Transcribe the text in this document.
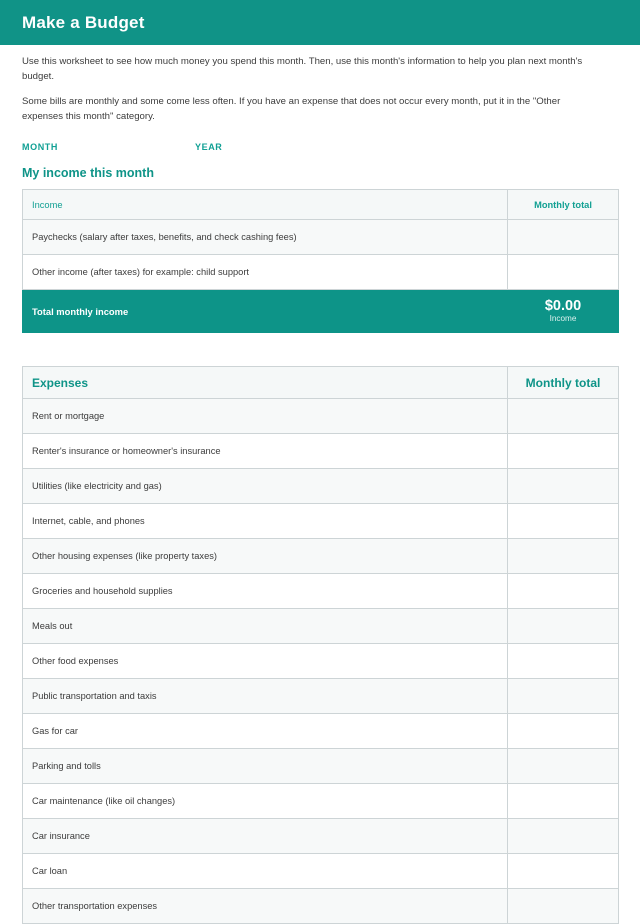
Make a Budget

Use this worksheet to see how much money you spend this month. Then, use this month's information to help you plan next month's budget.

Some bills are monthly and some come less often. If you have an expense that does not occur every month, put it in the "Other expenses this month" category.

MONTH	YEAR
My income this month
Income	Monthly total
Paychecks (salary after taxes, benefits, and check cashing fees)	
Other income (after taxes) for example: child support	
Total monthly income	$0.00
Income
Expenses	Monthly total
Rent or mortgage	
Renter's insurance or homeowner's insurance	
Utilities (like electricity and gas)	
Internet, cable, and phones	
Other housing expenses (like property taxes)	
Groceries and household supplies	
Meals out	
Other food expenses	
Public transportation and taxis	
Gas for car	
Parking and tolls	
Car maintenance (like oil changes)	
Car insurance	
Car loan	
Other transportation expenses	
